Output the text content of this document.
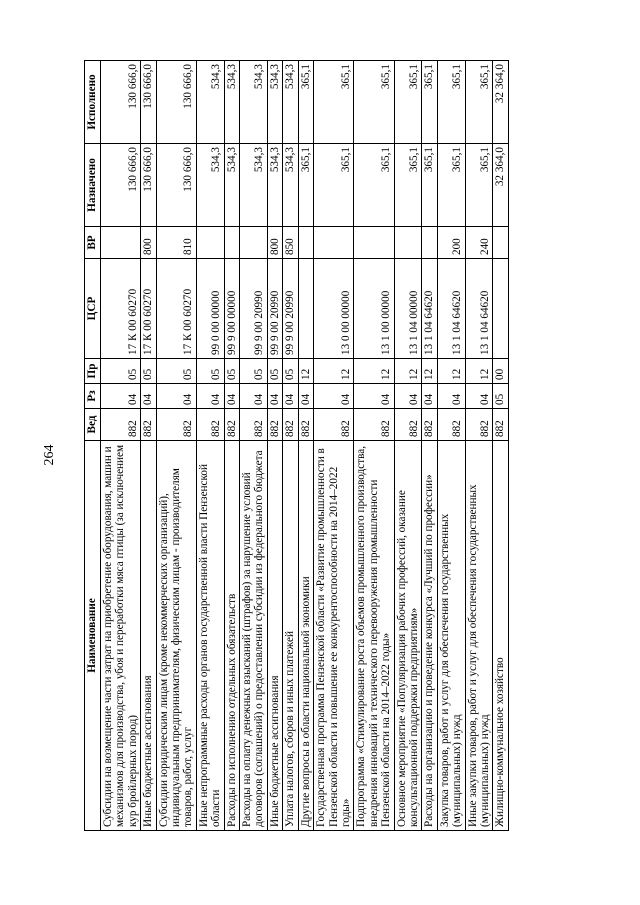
264
Наименование	Вед	Рз	Пр	ЦСР	ВР	Назначено	Исполнено
Субсидии на возмещение части затрат на приобретение оборудования, машин и механизмов для производства, убоя и переработки мяса птицы (за исключением кур бройлерных пород)	882	04	05	17 К 00 60270		130 666,0	130 666,0
Иные бюджетные ассигнования	882	04	05	17 К 00 60270	800	130 666,0	130 666,0
Субсидии юридическим лицам (кроме некоммерческих организаций), индивидуальным предпринимателям, физическим лицам - производителям товаров, работ, услуг	882	04	05	17 К 00 60270	810	130 666,0	130 666,0
Иные непрограммные расходы органов государственной власти Пензенской области	882	04	05	99 0 00 00000		534,3	534,3
Расходы по исполнению отдельных обязательств	882	04	05	99 9 00 00000		534,3	534,3
Расходы на оплату денежных взысканий (штрафов) за нарушение условий договоров (соглашений) о предоставлении субсидии из федерального бюджета	882	04	05	99 9 00 20990		534,3	534,3
Иные бюджетные ассигнования	882	04	05	99 9 00 20990	800	534,3	534,3
Уплата налогов, сборов и иных платежей	882	04	05	99 9 00 20990	850	534,3	534,3
Другие вопросы в области национальной экономики	882	04	12			365,1	365,1
Государственная программа Пензенской области «Развитие промышленности в Пензенской области и повышение ее конкурентоспособности на 2014–2022 годы»	882	04	12	13 0 00 00000		365,1	365,1
Подпрограмма «Стимулирование роста объемов промышленного производства, внедрения инноваций и технического перевооружения промышленности Пензенской области на 2014–2022 годы»	882	04	12	13 1 00 00000		365,1	365,1
Основное мероприятие «Популяризация рабочих профессий, оказание консультационной поддержки предприятиям»	882	04	12	13 1 04 00000		365,1	365,1
Расходы на организацию и проведение конкурса «Лучший по профессии»	882	04	12	13 1 04 64620		365,1	365,1
Закупка товаров, работ и услуг для обеспечения государственных (муниципальных) нужд	882	04	12	13 1 04 64620	200	365,1	365,1
Иные закупки товаров, работ и услуг для обеспечения государственных (муниципальных) нужд	882	04	12	13 1 04 64620	240	365,1	365,1
Жилищно-коммунальное хозяйство	882	05	00			32 364,0	32 364,0
